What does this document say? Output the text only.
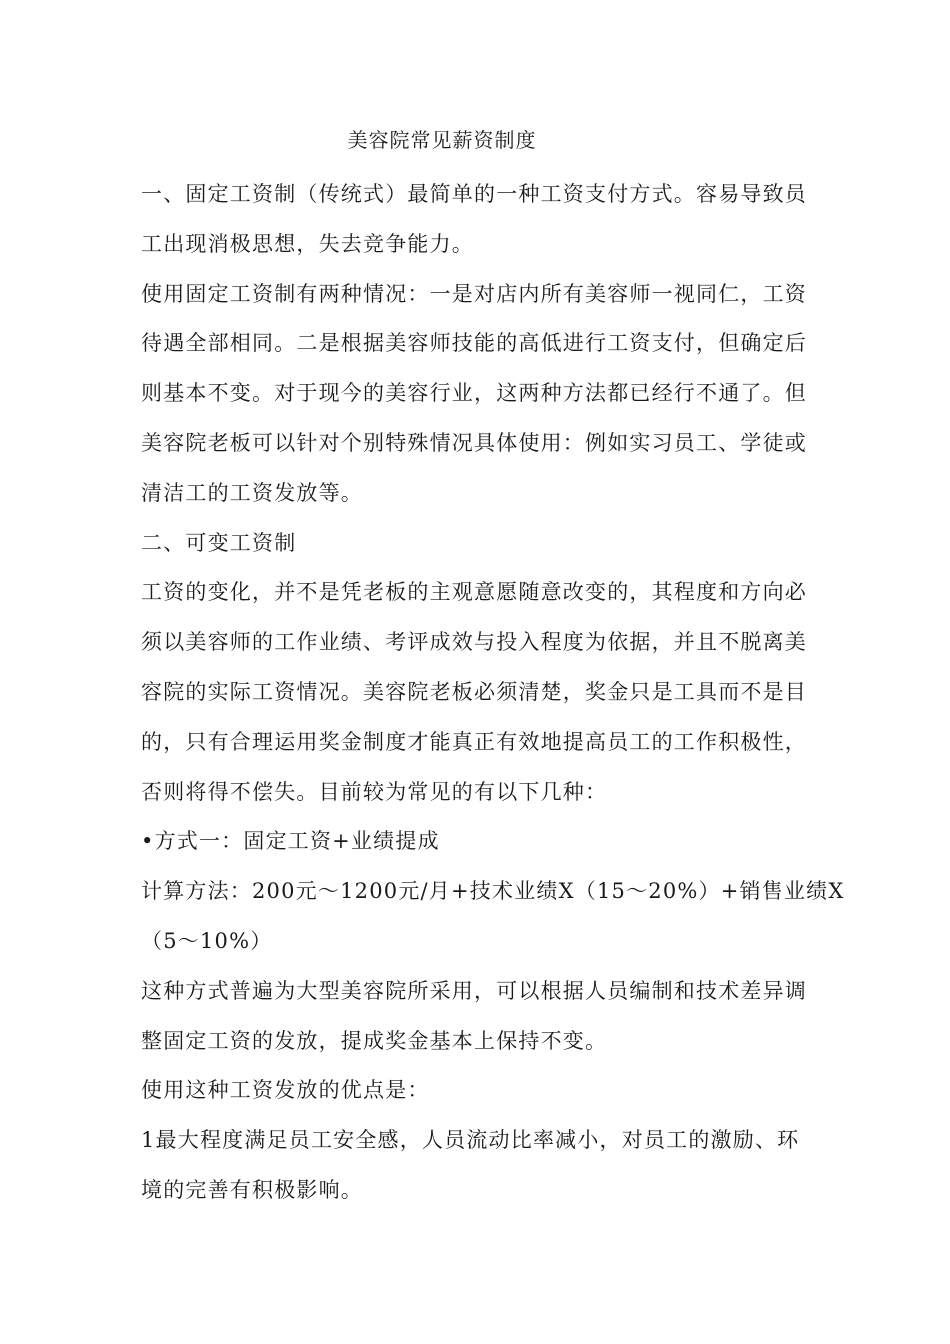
美容院常见薪资制度
一、固定工资制（传统式）最简单的一种工资支付方式。容易导致员
工出现消极思想，失去竞争能力。
使用固定工资制有两种情况：一是对店内所有美容师一视同仁，工资
待遇全部相同。二是根据美容师技能的高低进行工资支付，但确定后
则基本不变。对于现今的美容行业，这两种方法都已经行不通了。但
美容院老板可以针对个别特殊情况具体使用：例如实习员工、学徒或
清洁工的工资发放等。
二、可变工资制
工资的变化，并不是凭老板的主观意愿随意改变的，其程度和方向必
须以美容师的工作业绩、考评成效与投入程度为依据，并且不脱离美
容院的实际工资情况。美容院老板必须清楚，奖金只是工具而不是目
的，只有合理运用奖金制度才能真正有效地提高员工的工作积极性，
否则将得不偿失。目前较为常见的有以下几种：
•方式一：固定工资+业绩提成
计算方法：200元〜1200元/月+技术业绩X（15〜20%）+销售业绩X
（5〜10%）
这种方式普遍为大型美容院所采用，可以根据人员编制和技术差异调
整固定工资的发放，提成奖金基本上保持不变。
使用这种工资发放的优点是：
1最大程度满足员工安全感，人员流动比率减小，对员工的激励、环
境的完善有积极影响。
